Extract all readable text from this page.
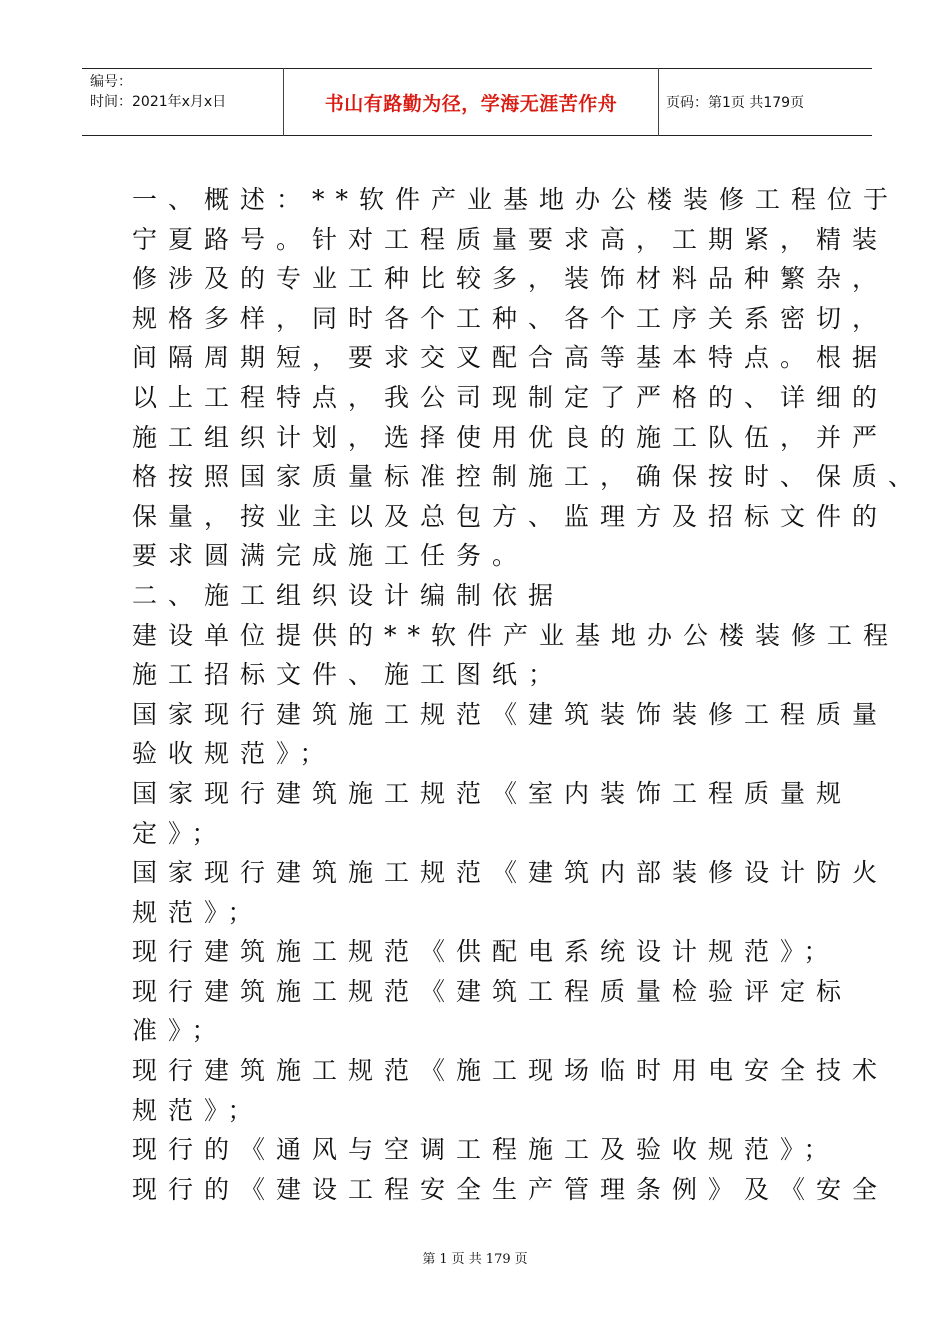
编号：
时间：2021年x月x日	书山有路勤为径，学海无涯苦作舟	页码：第1页 共179页

一、概述：**软件产业基地办公楼装修工程位于

宁夏路号。针对工程质量要求高，工期紧，精装

修涉及的专业工种比较多，装饰材料品种繁杂，

规格多样，同时各个工种、各个工序关系密切，

间隔周期短，要求交叉配合高等基本特点。根据

以上工程特点，我公司现制定了严格的、详细的

施工组织计划，选择使用优良的施工队伍，并严

格按照国家质量标准控制施工，确保按时、保质、

保量，按业主以及总包方、监理方及招标文件的

要求圆满完成施工任务。

二、施工组织设计编制依据

建设单位提供的**软件产业基地办公楼装修工程

施工招标文件、施工图纸；

国家现行建筑施工规范《建筑装饰装修工程质量

验收规范》；

国家现行建筑施工规范《室内装饰工程质量规

定》；

国家现行建筑施工规范《建筑内部装修设计防火

规范》；

现行建筑施工规范《供配电系统设计规范》；

现行建筑施工规范《建筑工程质量检验评定标

准》；

现行建筑施工规范《施工现场临时用电安全技术

规范》；

现行的《通风与空调工程施工及验收规范》；

现行的《建设工程安全生产管理条例》及《安全

第 1 页 共 179 页
